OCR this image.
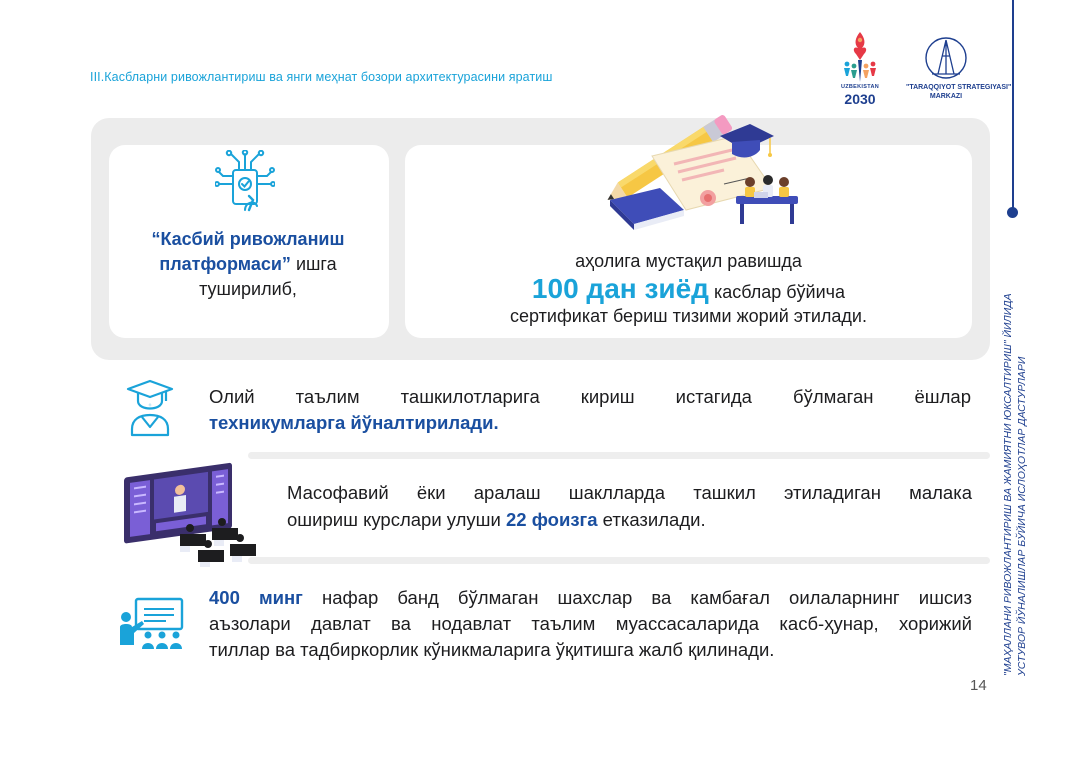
III.Касбларни ривожлантириш ва янги меҳнат бозори архитектурасини яратиш
UZBEKISTAN
2030
"TARAQQIYOT STRATEGIYASI"
MARKAZI
"МАҲАЛЛАНИ РИВОЖЛАНТИРИШ ВА ЖАМИЯТНИ ЮКСАЛТИРИШ" ЙИЛИДА УСТУВОР ЙЎНАЛИШЛАР БЎЙИЧА ИСЛОҲОТЛАР ДАСТУРЛАРИ
“Касбий ривожланиш платформаси” ишга туширилиб,
аҳолига мустақил равишда
100 дан зиёд касблар бўйича
сертификат бериш тизими жорий этилади.
Олий таълим ташкилотларига кириш истагида бўлмаган ёшлар
техникумларга йўналтирилади.
Масофавий ёки аралаш шаклларда ташкил этиладиган малака
ошириш курслари улуши 22 фоизга етказилади.
400 минг нафар банд бўлмаган шахслар ва камбағал оилаларнинг ишсиз
аъзолари давлат ва нодавлат таълим муассасаларида касб-ҳунар, хорижий
тиллар ва тадбиркорлик кўникмаларига ўқитишга жалб қилинади.
14
